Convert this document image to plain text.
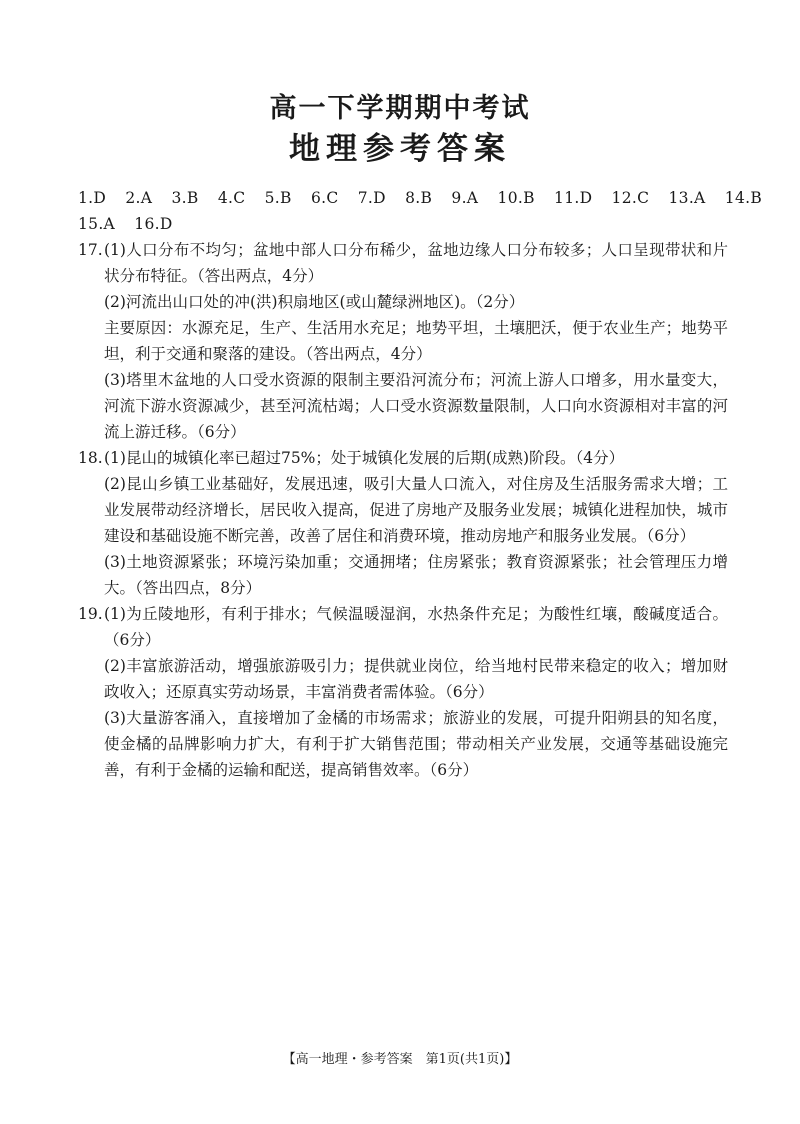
高一下学期期中考试
地理参考答案
1.D 2.A 3.B 4.C 5.B 6.C 7.D 8.B 9.A 10.B 11.D 12.C 13.A 14.B
15.A 16.D
17. (1)人口分布不均匀；盆地中部人口分布稀少，盆地边缘人口分布较多；人口呈现带状和片状分布特征。（答出两点，4分）
(2)河流出山口处的冲(洪)积扇地区(或山麓绿洲地区)。（2分）
主要原因：水源充足，生产、生活用水充足；地势平坦，土壤肥沃，便于农业生产；地势平坦，利于交通和聚落的建设。（答出两点，4分）
(3)塔里木盆地的人口受水资源的限制主要沿河流分布；河流上游人口增多，用水量变大，河流下游水资源减少，甚至河流枯竭；人口受水资源数量限制，人口向水资源相对丰富的河流上游迁移。（6分）
18. (1)昆山的城镇化率已超过75%；处于城镇化发展的后期(成熟)阶段。（4分）
(2)昆山乡镇工业基础好，发展迅速，吸引大量人口流入，对住房及生活服务需求大增；工业发展带动经济增长，居民收入提高，促进了房地产及服务业发展；城镇化进程加快，城市建设和基础设施不断完善，改善了居住和消费环境，推动房地产和服务业发展。（6分）
(3)土地资源紧张；环境污染加重；交通拥堵；住房紧张；教育资源紧张；社会管理压力增大。（答出四点，8分）
19. (1)为丘陵地形，有利于排水；气候温暖湿润，水热条件充足；为酸性红壤，酸碱度适合。（6分）
(2)丰富旅游活动，增强旅游吸引力；提供就业岗位，给当地村民带来稳定的收入；增加财政收入；还原真实劳动场景，丰富消费者需体验。（6分）
(3)大量游客涌入，直接增加了金橘的市场需求；旅游业的发展，可提升阳朔县的知名度，使金橘的品牌影响力扩大，有利于扩大销售范围；带动相关产业发展，交通等基础设施完善，有利于金橘的运输和配送，提高销售效率。（6分）
【高一地理・参考答案　第1页(共1页)】
